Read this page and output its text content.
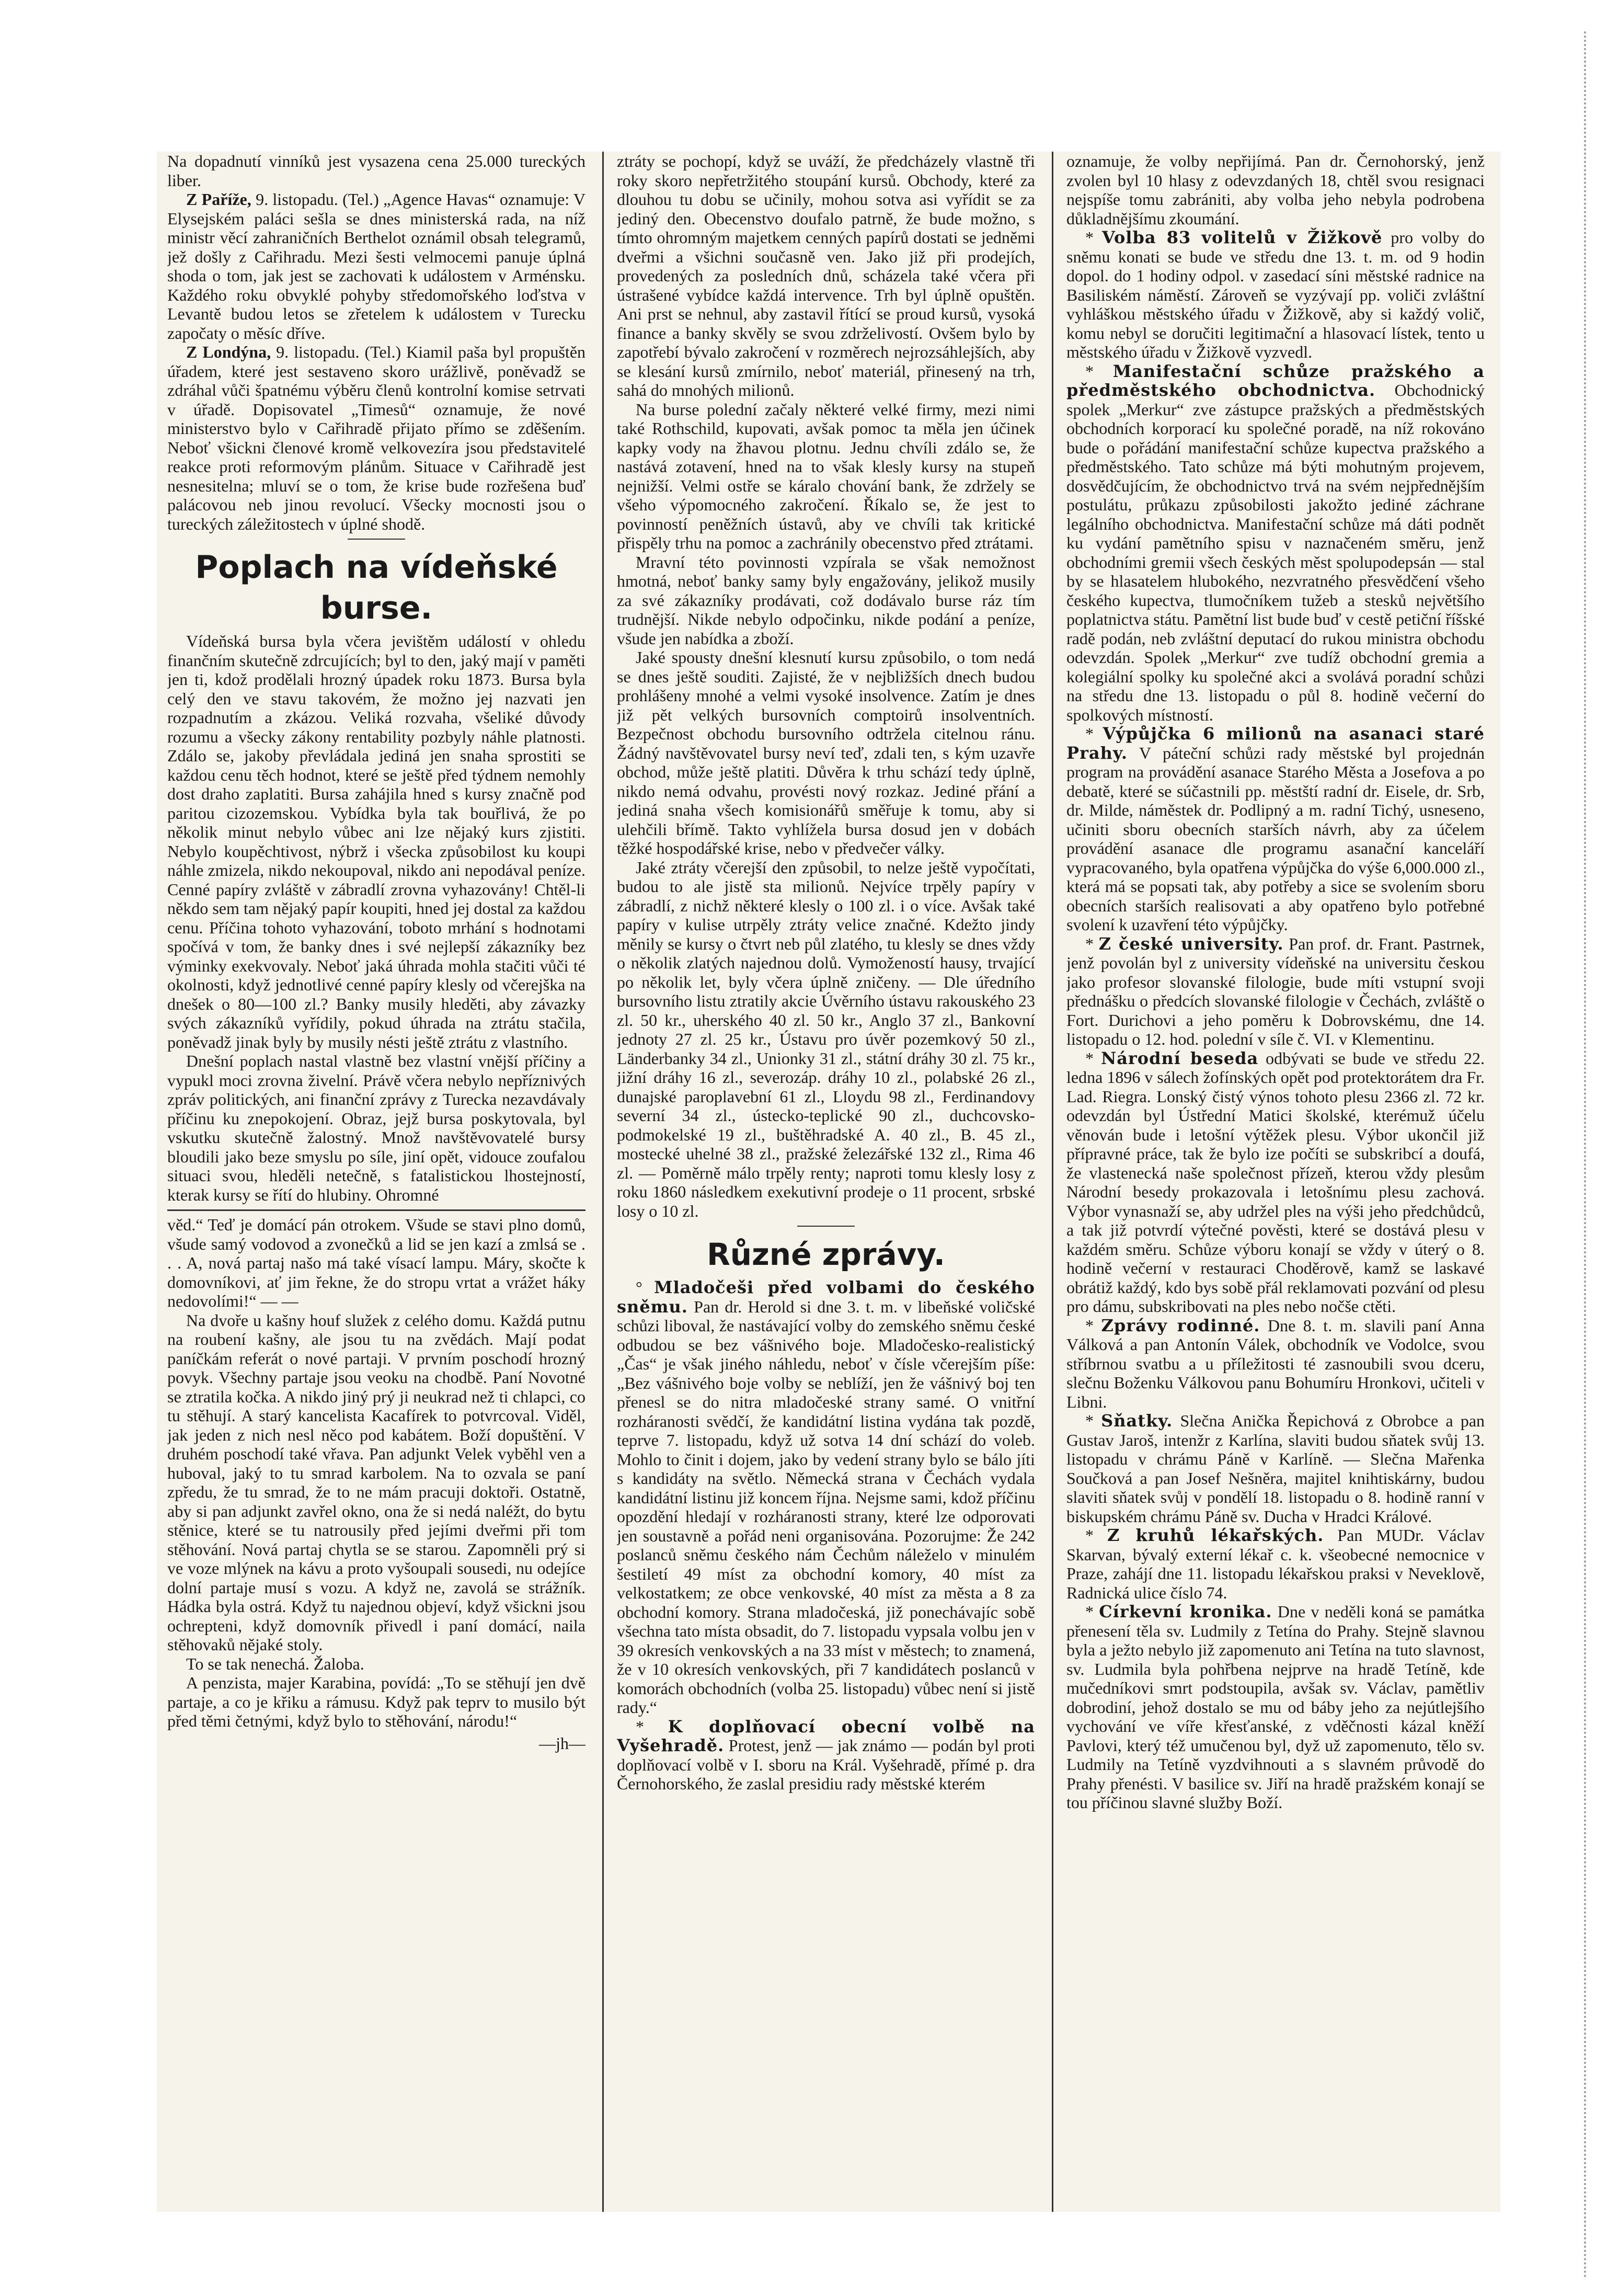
Na dopadnutí vinníků jest vysazena cena 25.000 tureckých liber.

Z Paříže, 9. listopadu. (Tel.) „Agence Havas“ oznamuje: V Elysejském paláci sešla se dnes ministerská rada, na níž ministr věcí zahraničních Berthelot oznámil obsah telegramů, jež došly z Cařihradu. Mezi šesti velmocemi panuje úplná shoda o tom, jak jest se zachovati k událostem v Arménsku. Každého roku obvyklé pohyby středomořského loďstva v Levantě budou letos se zřetelem k událostem v Turecku započaty o měsíc dříve.

Z Londýna, 9. listopadu. (Tel.) Kiamil paša byl propuštěn úřadem, které jest sestaveno skoro urážlivě, poněvadž se zdráhal vůči špatnému výběru členů kontrolní komise setrvati v úřadě. Dopisovatel „Timesů“ oznamuje, že nové ministerstvo bylo v Cařihradě přijato přímo se zděšením. Neboť všickni členové kromě velkovezíra jsou představitelé reakce proti reformovým plánům. Situace v Cařihradě jest nesnesitelna; mluví se o tom, že krise bude rozřešena buď palácovou neb jinou revolucí. Všecky mocnosti jsou o tureckých záležitostech v úplné shodě.

Poplach na vídeňské burse.

Vídeňská bursa byla včera jevištěm událostí v ohledu finančním skutečně zdrcujících; byl to den, jaký mají v paměti jen ti, kdož prodělali hrozný úpadek roku 1873. Bursa byla celý den ve stavu takovém, že možno jej nazvati jen rozpadnutím a zkázou. Veliká rozvaha, všeliké důvody rozumu a všecky zákony rentability pozbyly náhle platnosti. Zdálo se, jakoby převládala jediná jen snaha sprostiti se každou cenu těch hodnot, které se ještě před týdnem nemohly dost draho zaplatiti. Bursa zahájila hned s kursy značně pod paritou cizozemskou. Vybídka byla tak bouřlivá, že po několik minut nebylo vůbec ani lze nějaký kurs zjistiti. Nebylo koupěchtivost, nýbrž i všecka způsobilost ku koupi náhle zmizela, nikdo nekoupoval, nikdo ani nepodával peníze. Cenné papíry zvláště v zábradlí zrovna vyhazovány! Chtěl-li někdo sem tam nějaký papír koupiti, hned jej dostal za každou cenu. Příčina tohoto vyhazování, toboto mrhání s hodnotami spočívá v tom, že banky dnes i své nejlepší zákazníky bez výminky exekvovaly. Neboť jaká úhrada mohla stačiti vůči té okolnosti, když jednotlivé cenné papíry klesly od včerejška na dnešek o 80—100 zl.? Banky musily hleděti, aby závazky svých zákazníků vyřídily, pokud úhrada na ztrátu stačila, poněvadž jinak byly by musily nésti ještě ztrátu z vlastního.

Dnešní poplach nastal vlastně bez vlastní vnější příčiny a vypukl moci zrovna živelní. Právě včera nebylo nepříznivých zpráv politických, ani finanční zprávy z Turecka nezavdávaly příčinu ku znepokojení. Obraz, jejž bursa poskytovala, byl vskutku skutečně žalostný. Množ navštěvovatelé bursy bloudili jako beze smyslu po síle, jiní opět, vidouce zoufalou situaci svou, hleděli netečně, s fatalistickou lhostejností, kterak kursy se řítí do hlubiny. Ohromné

věd.“ Teď je domácí pán otrokem. Všude se stavi plno domů, všude samý vodovod a zvonečků a lid se jen kazí a zmlsá se . . . A, nová partaj našo má také vísací lampu. Máry, skočte k domovníkovi, ať jim řekne, že do stropu vrtat a vrážet háky nedovolími!“ — —

Na dvoře u kašny houf služek z celého domu. Každá putnu na roubení kašny, ale jsou tu na zvědách. Mají podat paníčkám referát o nové partaji. V prvním poschodí hrozný povyk. Všechny partaje jsou veoku na chodbě. Paní Novotné se ztratila kočka. A nikdo jiný prý ji neukrad než ti chlapci, co tu stěhují. A starý kancelista Kacafírek to potvrcoval. Viděl, jak jeden z nich nesl něco pod kabátem. Boží dopuštění. V druhém poschodí také vřava. Pan adjunkt Velek vyběhl ven a huboval, jaký to tu smrad karbolem. Na to ozvala se paní zpředu, že tu smrad, že to ne mám pracuji doktoři. Ostatně, aby si pan adjunkt zavřel okno, ona že si nedá naléžt, do bytu stěnice, které se tu natrousily před jejími dveřmi při tom stěhování. Nová partaj chytla se se starou. Zapomněli prý si ve voze mlýnek na kávu a proto vyšoupali sousedi, nu odejíce dolní partaje musí s vozu. A když ne, zavolá se strážník. Hádka byla ostrá. Když tu najednou objeví, když všickni jsou ochrepteni, když domovník přivedl i paní domácí, naila stěhovaků nějaké stoly.

To se tak nenechá. Žaloba.

A penzista, majer Karabina, povídá: „To se stěhují jen dvě partaje, a co je křiku a rámusu. Když pak teprv to musilo být před těmi četnými, když bylo to stěhování, národu!“

—jh—

ztráty se pochopí, když se uváží, že předcházely vlastně tři roky skoro nepřetržitého stoupání kursů. Obchody, které za dlouhou tu dobu se učinily, mohou sotva asi vyřídit se za jediný den. Obecenstvo doufalo patrně, že bude možno, s tímto ohromným majetkem cenných papírů dostati se jedněmi dveřmi a všichni současně ven. Jako již při prodejích, provedených za posledních dnů, scházela také včera při ústrašené vybídce každá intervence. Trh byl úplně opuštěn. Ani prst se nehnul, aby zastavil řítící se proud kursů, vysoká finance a banky skvěly se svou zdrželivostí. Ovšem bylo by zapotřebí bývalo zakročení v rozměrech nejrozsáhlejších, aby se klesání kursů zmírnilo, neboť materiál, přinesený na trh, sahá do mnohých milionů.

Na burse polední začaly některé velké firmy, mezi nimi také Rothschild, kupovati, avšak pomoc ta měla jen účinek kapky vody na žhavou plotnu. Jednu chvíli zdálo se, že nastává zotavení, hned na to však klesly kursy na stupeň nejnižší. Velmi ostře se káralo chování bank, že zdržely se všeho výpomocného zakročení. Říkalo se, že jest to povinností peněžních ústavů, aby ve chvíli tak kritické přispěly trhu na pomoc a zachránily obecenstvo před ztrátami.

Mravní této povinnosti vzpírala se však nemožnost hmotná, neboť banky samy byly engažovány, jelikož musily za své zákazníky prodávati, což dodávalo burse ráz tím trudnější. Nikde nebylo odpočinku, nikde podání a peníze, všude jen nabídka a zboží.

Jaké spousty dnešní klesnutí kursu způsobilo, o tom nedá se dnes ještě souditi. Zajisté, že v nejbližších dnech budou prohlášeny mnohé a velmi vysoké insolvence. Zatím je dnes již pět velkých bursovních comptoirů insolventních. Bezpečnost obchodu bursovního odtržela citelnou ránu. Žádný navštěvovatel bursy neví teď, zdali ten, s kým uzavře obchod, může ještě platiti. Důvěra k trhu schází tedy úplně, nikdo nemá odvahu, provésti nový rozkaz. Jediné přání a jediná snaha všech komisionářů směřuje k tomu, aby si ulehčili břímě. Takto vyhlížela bursa dosud jen v dobách těžké hospodářské krise, nebo v předvečer války.

Jaké ztráty včerejší den způsobil, to nelze ještě vypočítati, budou to ale jistě sta milionů. Nejvíce trpěly papíry v zábradlí, z nichž některé klesly o 100 zl. i o více. Avšak také papíry v kulise utrpěly ztráty velice značné. Kdežto jindy měnily se kursy o čtvrt neb půl zlatého, tu klesly se dnes vždy o několik zlatých najednou dolů. Vymožeností hausy, trvající po několik let, byly včera úplně zničeny. — Dle úředního bursovního listu ztratily akcie Úvěrního ústavu rakouského 23 zl. 50 kr., uherského 40 zl. 50 kr., Anglo 37 zl., Bankovní jednoty 27 zl. 25 kr., Ústavu pro úvěr pozemkový 50 zl., Länderbanky 34 zl., Unionky 31 zl., státní dráhy 30 zl. 75 kr., jižní dráhy 16 zl., severozáp. dráhy 10 zl., polabské 26 zl., dunajské paroplavební 61 zl., Lloydu 98 zl., Ferdinandovy severní 34 zl., ústecko-teplické 90 zl., duchcovsko-podmokelské 19 zl., buštěhradské A. 40 zl., B. 45 zl., mostecké uhelné 38 zl., pražské železářské 132 zl., Rima 46 zl. — Poměrně málo trpěly renty; naproti tomu klesly losy z roku 1860 následkem exekutivní prodeje o 11 procent, srbské losy o 10 zl.

Různé zprávy.

° Mladočeši před volbami do českého sněmu. Pan dr. Herold si dne 3. t. m. v libeňské voličské schůzi liboval, že nastávající volby do zemského sněmu české odbudou se bez vášnivého boje. Mladočesko-realistický „Čas“ je však jiného náhledu, neboť v čísle včerejším píše: „Bez vášnivého boje volby se neblíží, jen že vášnivý boj ten přenesl se do nitra mladočeské strany samé. O vnitřní rozháranosti svědčí, že kandidátní listina vydána tak pozdě, teprve 7. listopadu, když už sotva 14 dní schází do voleb. Mohlo to činit i dojem, jako by vedení strany bylo se bálo jíti s kandidáty na světlo. Německá strana v Čechách vydala kandidátní listinu již koncem října. Nejsme sami, kdož příčinu opozdění hledají v rozháranosti strany, které lze odporovati jen soustavně a pořád neni organisována. Pozorujme: Že 242 poslanců sněmu českého nám Čechům náleželo v minulém šestiletí 49 míst za obchodní komory, 40 míst za velkostatkem; ze obce venkovské, 40 míst za města a 8 za obchodní komory. Strana mladočeská, již ponechávajíc sobě všechna tato místa obsadit, do 7. listopadu vypsala volbu jen v 39 okresích venkovských a na 33 míst v městech; to znamená, že v 10 okresích venkovských, při 7 kandidátech poslanců v komorách obchodních (volba 25. listopadu) vůbec není si jistě rady.“

* K doplňovací obecní volbě na Vyšehradě. Protest, jenž — jak známo — podán byl proti doplňovací volbě v I. sboru na Král. Vyšehradě, přímé p. dra Černohorského, že zaslal presidiu rady městské kterém

oznamuje, že volby nepřijímá. Pan dr. Černohorský, jenž zvolen byl 10 hlasy z odevzdaných 18, chtěl svou resignaci nejspíše tomu zabrániti, aby volba jeho nebyla podrobena důkladnějšímu zkoumání.

* Volba 83 volitelů v Žižkově pro volby do sněmu konati se bude ve středu dne 13. t. m. od 9 hodin dopol. do 1 hodiny odpol. v zasedací síni městské radnice na Basiliském náměstí. Zároveň se vyzývají pp. voliči zvláštní vyhláškou městského úřadu v Žižkově, aby si každý volič, komu nebyl se doručiti legitimační a hlasovací lístek, tento u městského úřadu v Žižkově vyzvedl.

* Manifestační schůze pražského a předměstského obchodnictva. Obchodnický spolek „Merkur“ zve zástupce pražských a předměstských obchodních korporací ku společné poradě, na níž rokováno bude o pořádání manifestační schůze kupectva pražského a předměstského. Tato schůze má býti mohutným projevem, dosvědčujícím, že obchodnictvo trvá na svém nejpřednějším postulátu, průkazu způsobilosti jakožto jediné záchrane legálního obchodnictva. Manifestační schůze má dáti podnět ku vydání pamětního spisu v naznačeném směru, jenž obchodními gremii všech českých měst spolupodepsán — stal by se hlasatelem hlubokého, nezvratného přesvědčení všeho českého kupectva, tlumočníkem tužeb a stesků největšího poplatnictva státu. Pamětní list bude buď v cestě petiční říšské radě podán, neb zvláštní deputací do rukou ministra obchodu odevzdán. Spolek „Merkur“ zve tudíž obchodní gremia a kolegiální spolky ku společné akci a svolává poradní schůzi na středu dne 13. listopadu o půl 8. hodině večerní do spolkových místností.

* Výpůjčka 6 milionů na asanaci staré Prahy. V páteční schůzi rady městské byl projednán program na provádění asanace Starého Města a Josefova a po debatě, které se súčastnili pp. městští radní dr. Eisele, dr. Srb, dr. Milde, náměstek dr. Podlipný a m. radní Tichý, usneseno, učiniti sboru obecních starších návrh, aby za účelem provádění asanace dle programu asanační kanceláří vypracovaného, byla opatřena výpůjčka do výše 6,000.000 zl., která má se popsati tak, aby potřeby a sice se svolením sboru obecních starších realisovati a aby opatřeno bylo potřebné svolení k uzavření této výpůjčky.

* Z české university. Pan prof. dr. Frant. Pastrnek, jenž povolán byl z university vídeňské na universitu českou jako profesor slovanské filologie, bude míti vstupní svoji přednášku o předcích slovanské filologie v Čechách, zvláště o Fort. Durichovi a jeho poměru k Dobrovskému, dne 14. listopadu o 12. hod. polední v síle č. VI. v Klementinu.

* Národní beseda odbývati se bude ve středu 22. ledna 1896 v sálech žofínských opět pod protektorátem dra Fr. Lad. Riegra. Lonský čistý výnos tohoto plesu 2366 zl. 72 kr. odevzdán byl Ústřední Matici školské, kterémuž účelu věnován bude i letošní výtěžek plesu. Výbor ukončil již přípravné práce, tak že bylo ize počíti se subskribcí a doufá, že vlastenecká naše společnost přízeň, kterou vždy plesům Národní besedy prokazovala i letošnímu plesu zachová. Výbor vynasnaží se, aby udržel ples na výši jeho předchůdců, a tak již potvrdí výtečné pověsti, které se dostává plesu v každém směru. Schůze výboru konají se vždy v úterý o 8. hodině večerní v restauraci Choděrově, kamž se laskavé obrátiž každý, kdo bys sobě přál reklamovati pozvání od plesu pro dámu, subskribovati na ples nebo nočše ctěti.

* Zprávy rodinné. Dne 8. t. m. slavili paní Anna Válková a pan Antonín Válek, obchodník ve Vodolce, svou stříbrnou svatbu a u příležitosti té zasnoubili svou dceru, slečnu Boženku Válkovou panu Bohumíru Hronkovi, učiteli v Libni.

* Sňatky. Slečna Anička Řepichová z Obrobce a pan Gustav Jaroš, intenžr z Karlína, slaviti budou sňatek svůj 13. listopadu v chrámu Páně v Karlíně. — Slečna Mařenka Součková a pan Josef Nešněra, majitel knihtiskárny, budou slaviti sňatek svůj v pondělí 18. listopadu o 8. hodině ranní v biskupském chrámu Páně sv. Ducha v Hradci Králové.

* Z kruhů lékařských. Pan MUDr. Václav Skarvan, bývalý externí lékař c. k. všeobecné nemocnice v Praze, zahájí dne 11. listopadu lékařskou praksi v Neveklově, Radnická ulice číslo 74.

* Církevní kronika. Dne v neděli koná se památka přenesení těla sv. Ludmily z Tetína do Prahy. Stejně slavnou byla a ježto nebylo již zapomenuto ani Tetína na tuto slavnost, sv. Ludmila byla pohřbena nejprve na hradě Tetíně, kde mučedníkovi smrt podstoupila, avšak sv. Václav, pamětliv dobrodiní, jehož dostalo se mu od báby jeho za nejútlejšího vychování ve víře křesťanské, z vděčnosti kázal kněží Pavlovi, který též umučenou byl, dyž už zapomenuto, tělo sv. Ludmily na Tetíně vyzdvihnouti a s slavném průvodě do Prahy přenésti. V basilice sv. Jiří na hradě pražském konají se tou příčinou slavné služby Boží.
